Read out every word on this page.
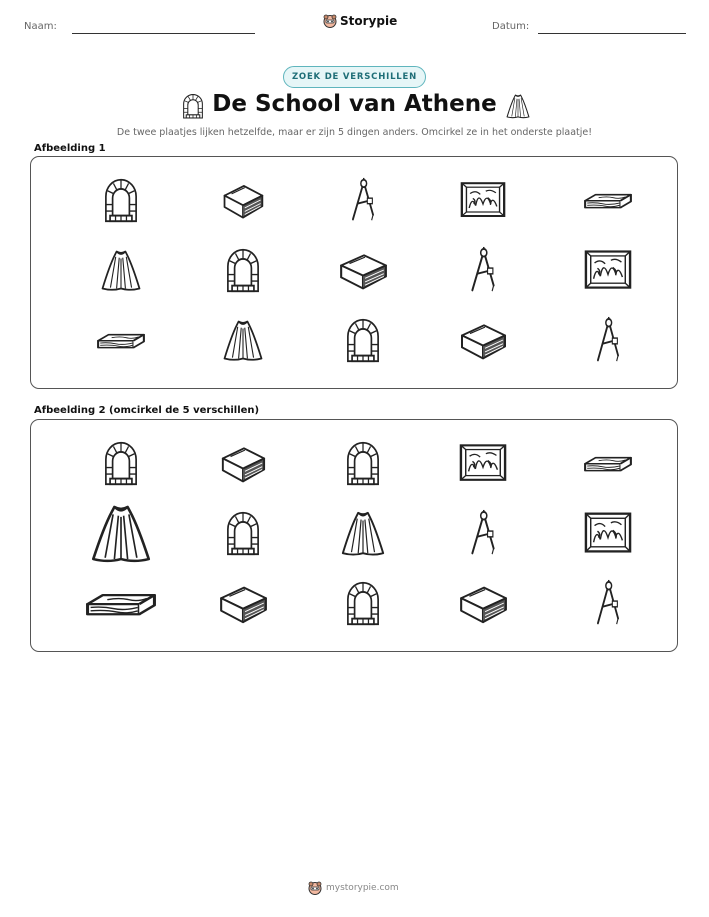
Naam:	Storypie	Datum:
ZOEK DE VERSCHILLEN
De School van Athene
De twee plaatjes lijken hetzelfde, maar er zijn 5 dingen anders. Omcirkel ze in het onderste plaatje!
Afbeelding 1
Afbeelding 2 (omcirkel de 5 verschillen)
mystorypie.com
